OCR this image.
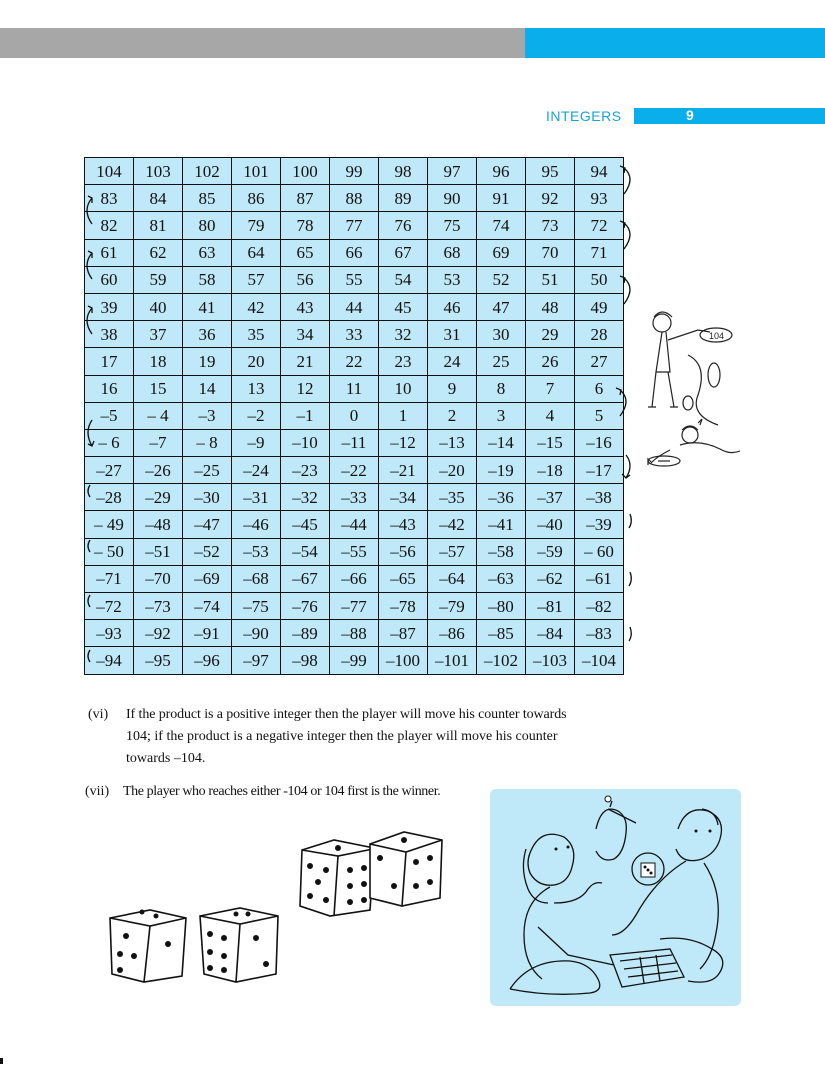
INTEGERS	9
104	103	102	101	100	99	98	97	96	95	94
83	84	85	86	87	88	89	90	91	92	93
82	81	80	79	78	77	76	75	74	73	72
61	62	63	64	65	66	67	68	69	70	71
60	59	58	57	56	55	54	53	52	51	50
39	40	41	42	43	44	45	46	47	48	49
38	37	36	35	34	33	32	31	30	29	28
17	18	19	20	21	22	23	24	25	26	27
16	15	14	13	12	11	10	9	8	7	6
–5	– 4	–3	–2	–1	0	1	2	3	4	5
– 6	–7	– 8	–9	–10	–11	–12	–13	–14	–15	–16
–27	–26	–25	–24	–23	–22	–21	–20	–19	–18	–17
–28	–29	–30	–31	–32	–33	–34	–35	–36	–37	–38
– 49	–48	–47	–46	–45	–44	–43	–42	–41	–40	–39
– 50	–51	–52	–53	–54	–55	–56	–57	–58	–59	– 60
–71	–70	–69	–68	–67	–66	–65	–64	–63	–62	–61
–72	–73	–74	–75	–76	–77	–78	–79	–80	–81	–82
–93	–92	–91	–90	–89	–88	–87	–86	–85	–84	–83
–94	–95	–96	–97	–98	–99	–100	–101	–102	–103	–104
(vi) If the product is a positive integer then the player will move his counter towards
104; if the product is a negative integer then the player will move his counter
towards –104.
(vii) The player who reaches either -104 or 104 first is the winner.
104
